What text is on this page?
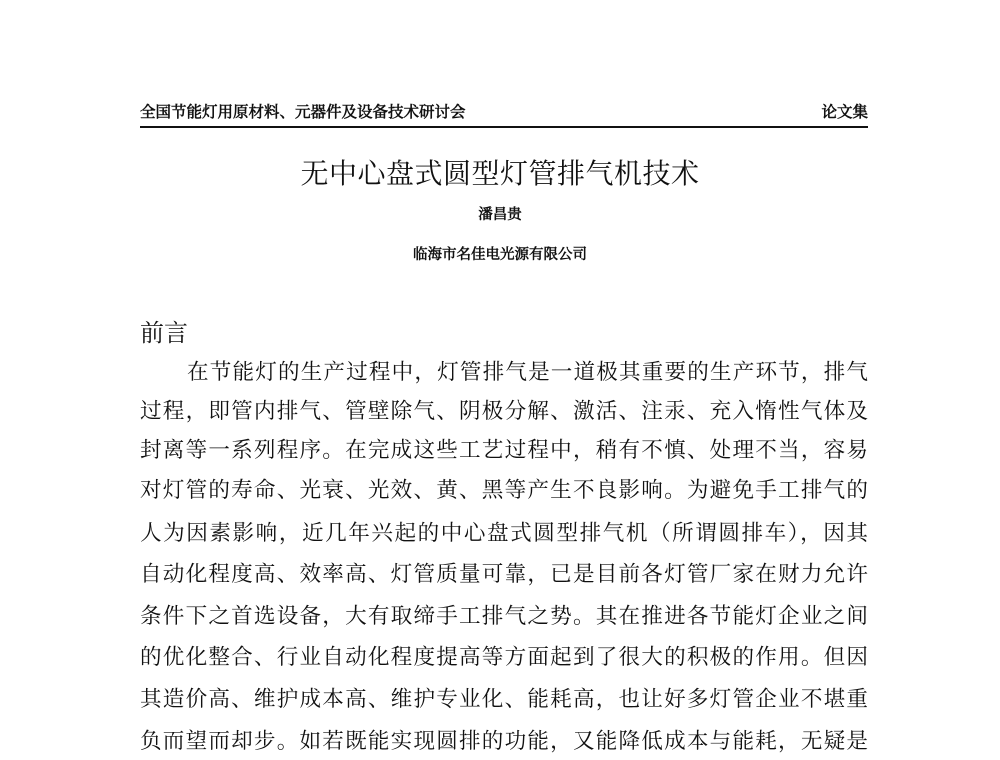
全国节能灯用原材料、元器件及设备技术研讨会	论文集
无中心盘式圆型灯管排气机技术
潘昌贵
临海市名佳电光源有限公司
前言
在节能灯的生产过程中，灯管排气是一道极其重要的生产环节，排气
过程，即管内排气、管壁除气、阴极分解、激活、注汞、充入惰性气体及
封离等一系列程序。在完成这些工艺过程中，稍有不慎、处理不当，容易
对灯管的寿命、光衰、光效、黄、黑等产生不良影响。为避免手工排气的
人为因素影响，近几年兴起的中心盘式圆型排气机（所谓圆排车），因其
自动化程度高、效率高、灯管质量可靠，已是目前各灯管厂家在财力允许
条件下之首选设备，大有取缔手工排气之势。其在推进各节能灯企业之间
的优化整合、行业自动化程度提高等方面起到了很大的积极的作用。但因
其造价高、维护成本高、维护专业化、能耗高，也让好多灯管企业不堪重
负而望而却步。如若既能实现圆排的功能，又能降低成本与能耗，无疑是
